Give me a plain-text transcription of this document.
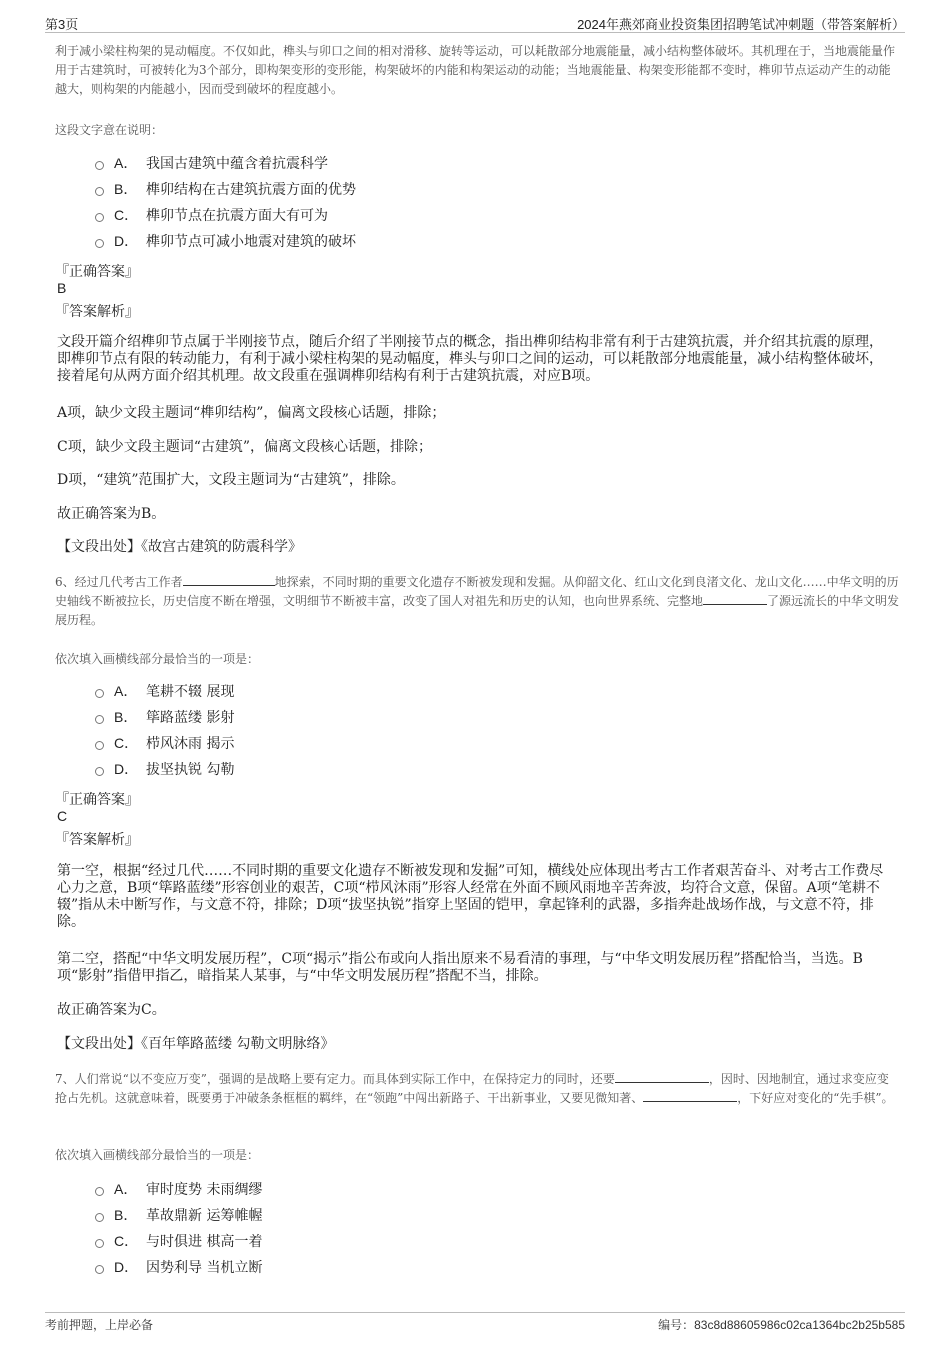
第3页	2024年燕郊商业投资集团招聘笔试冲刺题（带答案解析）
利于减小梁柱构架的晃动幅度。不仅如此，榫头与卯口之间的相对滑移、旋转等运动，可以耗散部分地震能量，减小结构整体破坏。其机理在于，当地震能量作用于古建筑时，可被转化为3个部分，即构架变形的变形能，构架破坏的内能和构架运动的动能；当地震能量、构架变形能都不变时，榫卯节点运动产生的动能越大，则构架的内能越小，因而受到破坏的程度越小。
这段文字意在说明：
A． 我国古建筑中蕴含着抗震科学
B． 榫卯结构在古建筑抗震方面的优势
C． 榫卯节点在抗震方面大有可为
D． 榫卯节点可减小地震对建筑的破坏
『正确答案』
B
『答案解析』
文段开篇介绍榫卯节点属于半刚接节点，随后介绍了半刚接节点的概念，指出榫卯结构非常有利于古建筑抗震，并介绍其抗震的原理，即榫卯节点有限的转动能力，有利于减小梁柱构架的晃动幅度，榫头与卯口之间的运动，可以耗散部分地震能量，减小结构整体破坏，接着尾句从两方面介绍其机理。故文段重在强调榫卯结构有利于古建筑抗震，对应B项。
A项，缺少文段主题词“榫卯结构”，偏离文段核心话题，排除；
C项，缺少文段主题词“古建筑”，偏离文段核心话题，排除；
D项，“建筑”范围扩大，文段主题词为“古建筑”，排除。
故正确答案为B。
【文段出处】《故宫古建筑的防震科学》
6、经过几代考古工作者	地探索，不同时期的重要文化遗存不断被发现和发掘。从仰韶文化、红山文化到良渚文化、龙山文化……中华文明的历史轴线不断被拉长，历史信度不断在增强，文明细节不断被丰富，改变了国人对祖先和历史的认知，也向世界系统、完整地	了源远流长的中华文明发展历程。
依次填入画横线部分最恰当的一项是：
A． 笔耕不辍 展现
B． 筚路蓝缕 影射
C． 栉风沐雨 揭示
D． 拔坚执锐 勾勒
『正确答案』
C
『答案解析』
第一空，根据“经过几代……不同时期的重要文化遗存不断被发现和发掘”可知，横线处应体现出考古工作者艰苦奋斗、对考古工作费尽心力之意，B项“筚路蓝缕”形容创业的艰苦，C项“栉风沐雨”形容人经常在外面不顾风雨地辛苦奔波，均符合文意，保留。A项“笔耕不辍”指从未中断写作，与文意不符，排除；D项“拔坚执锐”指穿上坚固的铠甲，拿起锋利的武器，多指奔赴战场作战，与文意不符，排除。
第二空，搭配“中华文明发展历程”，C项“揭示”指公布或向人指出原来不易看清的事理，与“中华文明发展历程”搭配恰当，当选。B项“影射”指借甲指乙，暗指某人某事，与“中华文明发展历程”搭配不当，排除。
故正确答案为C。
【文段出处】《百年筚路蓝缕 勾勒文明脉络》
7、人们常说“以不变应万变”，强调的是战略上要有定力。而具体到实际工作中，在保持定力的同时，还要	，因时、因地制宜，通过求变应变抢占先机。这就意味着，既要勇于冲破条条框框的羁绊，在“领跑”中闯出新路子、干出新事业，又要见微知著、	，下好应对变化的“先手棋”。
依次填入画横线部分最恰当的一项是：
A． 审时度势 未雨绸缪
B． 革故鼎新 运筹帷幄
C． 与时俱进 棋高一着
D． 因势利导 当机立断
考前押题，上岸必备	编号：83c8d88605986c02ca1364bc2b25b585
